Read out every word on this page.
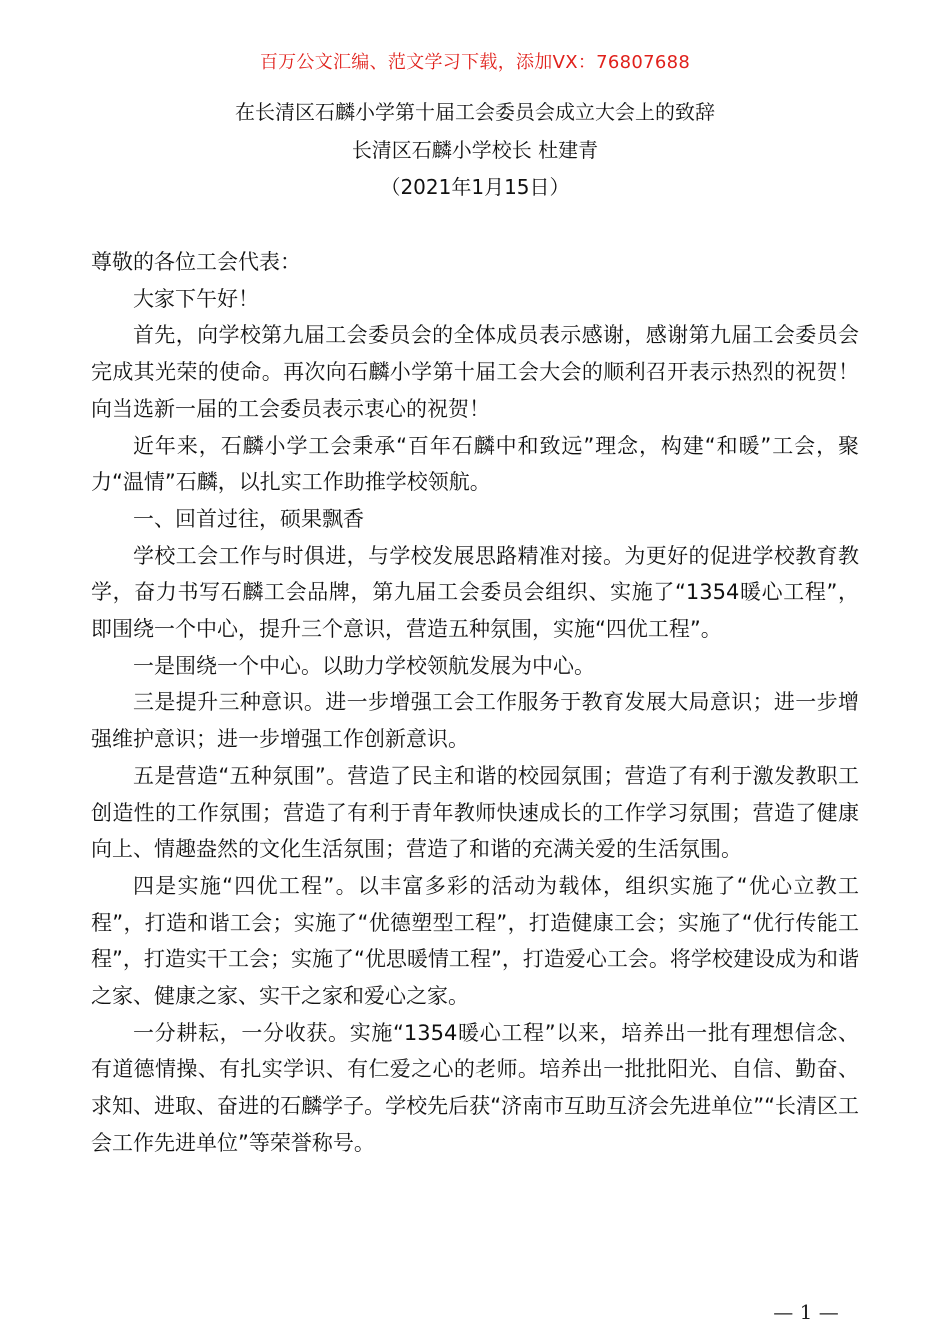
百万公文汇编、范文学习下载，添加VX：76807688
在长清区石麟小学第十届工会委员会成立大会上的致辞
长清区石麟小学校长 杜建青
（2021年1月15日）

尊敬的各位工会代表：

大家下午好！

首先，向学校第九届工会委员会的全体成员表示感谢，感谢第九届工会委员会完成其光荣的使命。再次向石麟小学第十届工会大会的顺利召开表示热烈的祝贺！向当选新一届的工会委员表示衷心的祝贺！

近年来，石麟小学工会秉承“百年石麟中和致远”理念，构建“和暖”工会，聚力“温情”石麟，以扎实工作助推学校领航。

一、回首过往，硕果飘香

学校工会工作与时俱进，与学校发展思路精准对接。为更好的促进学校教育教学，奋力书写石麟工会品牌，第九届工会委员会组织、实施了“1354暖心工程”，即围绕一个中心，提升三个意识，营造五种氛围，实施“四优工程”。

一是围绕一个中心。以助力学校领航发展为中心。

三是提升三种意识。进一步增强工会工作服务于教育发展大局意识；进一步增强维护意识；进一步增强工作创新意识。

五是营造“五种氛围”。营造了民主和谐的校园氛围；营造了有利于激发教职工创造性的工作氛围；营造了有利于青年教师快速成长的工作学习氛围；营造了健康向上、情趣盎然的文化生活氛围；营造了和谐的充满关爱的生活氛围。

四是实施“四优工程”。以丰富多彩的活动为载体，组织实施了“优心立教工程”，打造和谐工会；实施了“优德塑型工程”，打造健康工会；实施了“优行传能工程”，打造实干工会；实施了“优思暖情工程”，打造爱心工会。将学校建设成为和谐之家、健康之家、实干之家和爱心之家。

一分耕耘，一分收获。实施“1354暖心工程”以来，培养出一批有理想信念、有道德情操、有扎实学识、有仁爱之心的老师。培养出一批批阳光、自信、勤奋、求知、进取、奋进的石麟学子。学校先后获“济南市互助互济会先进单位”“长清区工会工作先进单位”等荣誉称号。

— 1 —
